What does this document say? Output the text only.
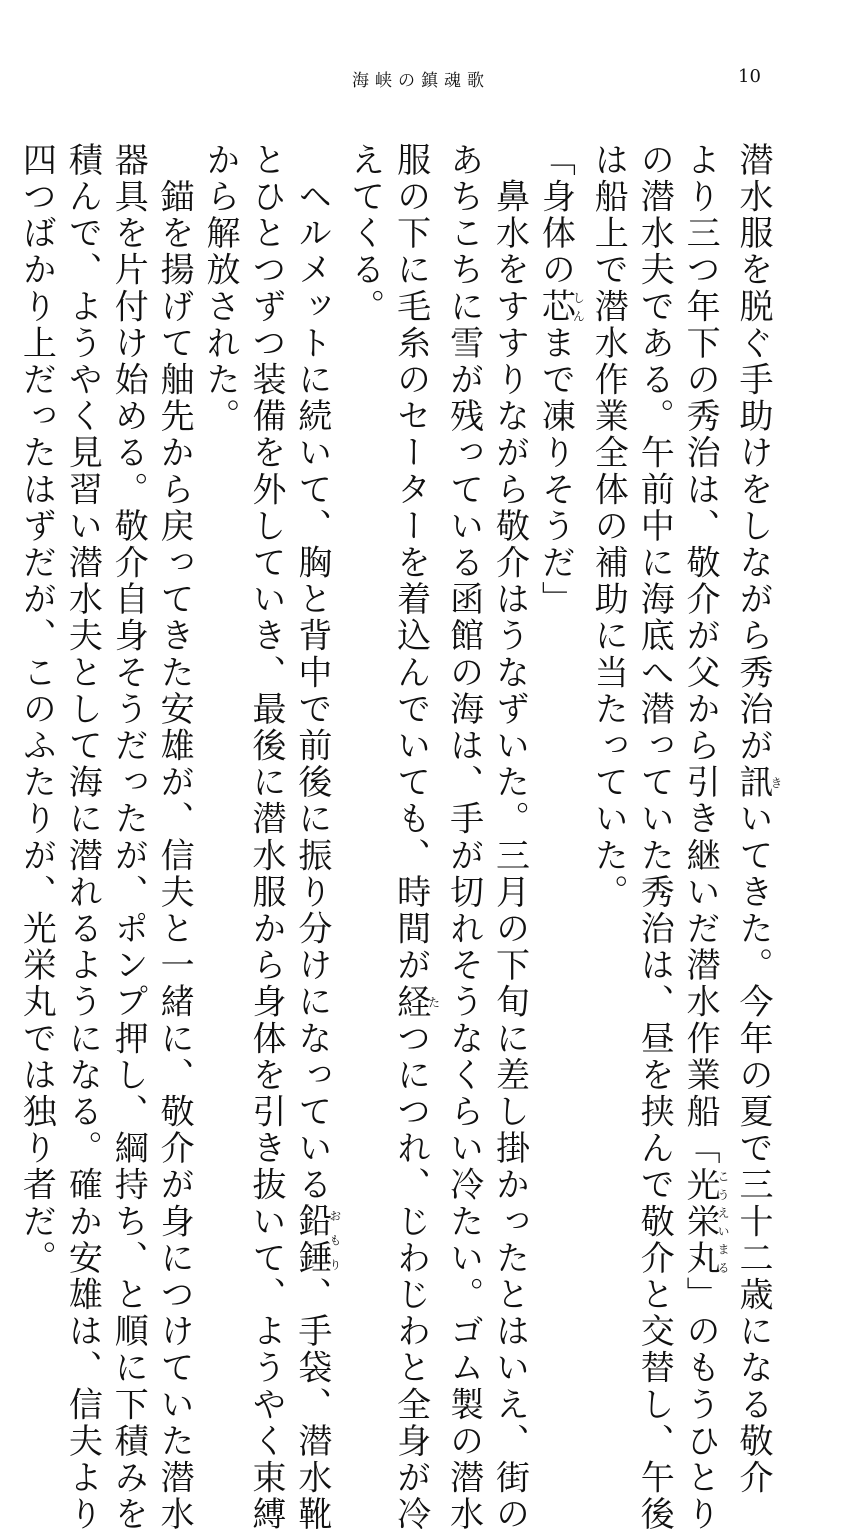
海峡の鎮魂歌	10
潜水服を脱ぐ手助けをしながら秀治が訊きいてきた。今年の夏で三十二歳になる敬介
より三つ年下の秀治は、敬介が父から引き継いだ潜水作業船「光栄丸こうえいまる」のもうひとり
の潜水夫である。午前中に海底へ潜っていた秀治は、昼を挟んで敬介と交替し、午後
は船上で潜水作業全体の補助に当たっていた。
「身体の芯しんまで凍りそうだ」
　鼻水をすすりながら敬介はうなずいた。三月の下旬に差し掛かったとはいえ、街の
あちこちに雪が残っている函館の海は、手が切れそうなくらい冷たい。ゴム製の潜水
服の下に毛糸のセーターを着込んでいても、時間が経たつにつれ、じわじわと全身が冷
えてくる。
　ヘルメットに続いて、胸と背中で前後に振り分けになっている鉛錘おもり、手袋、潜水靴
とひとつずつ装備を外していき、最後に潜水服から身体を引き抜いて、ようやく束縛
から解放された。
　錨を揚げて舳先から戻ってきた安雄が、信夫と一緒に、敬介が身につけていた潜水
器具を片付け始める。敬介自身そうだったが、ポンプ押し、綱持ち、と順に下積みを
積んで、ようやく見習い潜水夫として海に潜れるようになる。確か安雄は、信夫より
四つばかり上だったはずだが、このふたりが、光栄丸では独り者だ。
